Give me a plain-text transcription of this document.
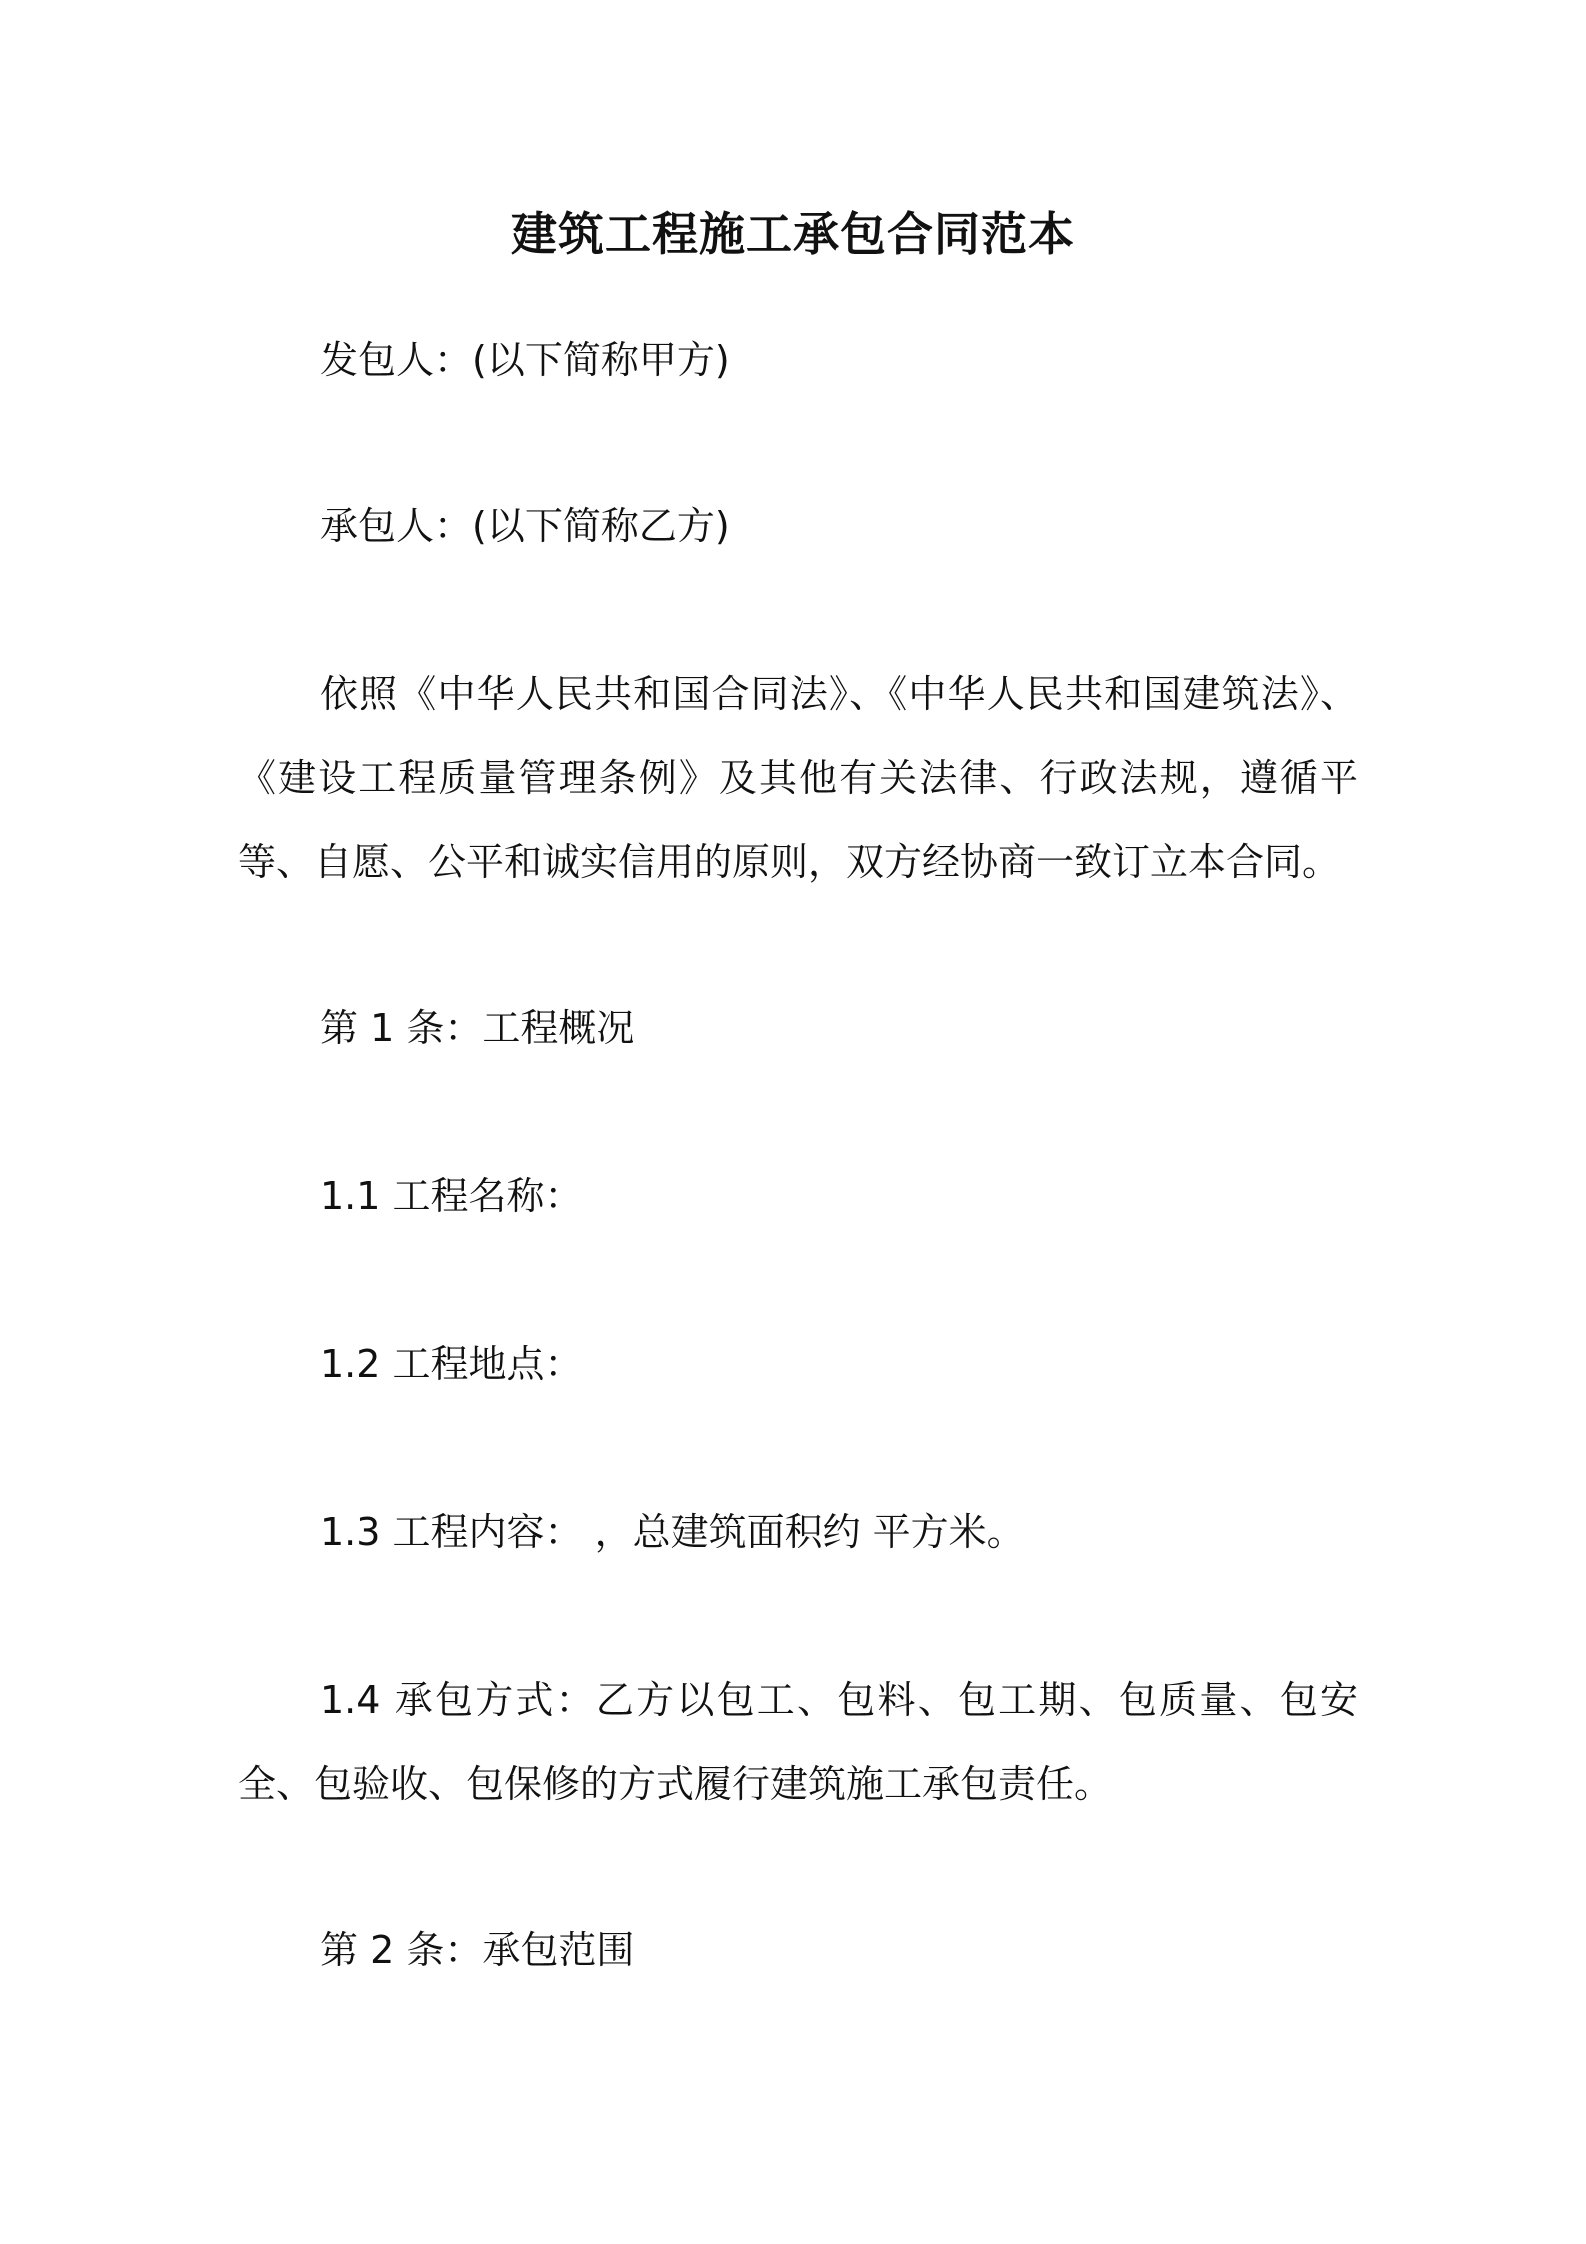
建筑工程施工承包合同范本

发包人：(以下简称甲方)

承包人：(以下简称乙方)

依照《中华人民共和国合同法》、《中华人民共和国建筑法》、《建设工程质量管理条例》及其他有关法律、行政法规，遵循平等、自愿、公平和诚实信用的原则，双方经协商一致订立本合同。

第 1 条：工程概况

1.1 工程名称：

1.2 工程地点：

1.3 工程内容： ，总建筑面积约 平方米。

1.4 承包方式：乙方以包工、包料、包工期、包质量、包安全、包验收、包保修的方式履行建筑施工承包责任。

第 2 条：承包范围
